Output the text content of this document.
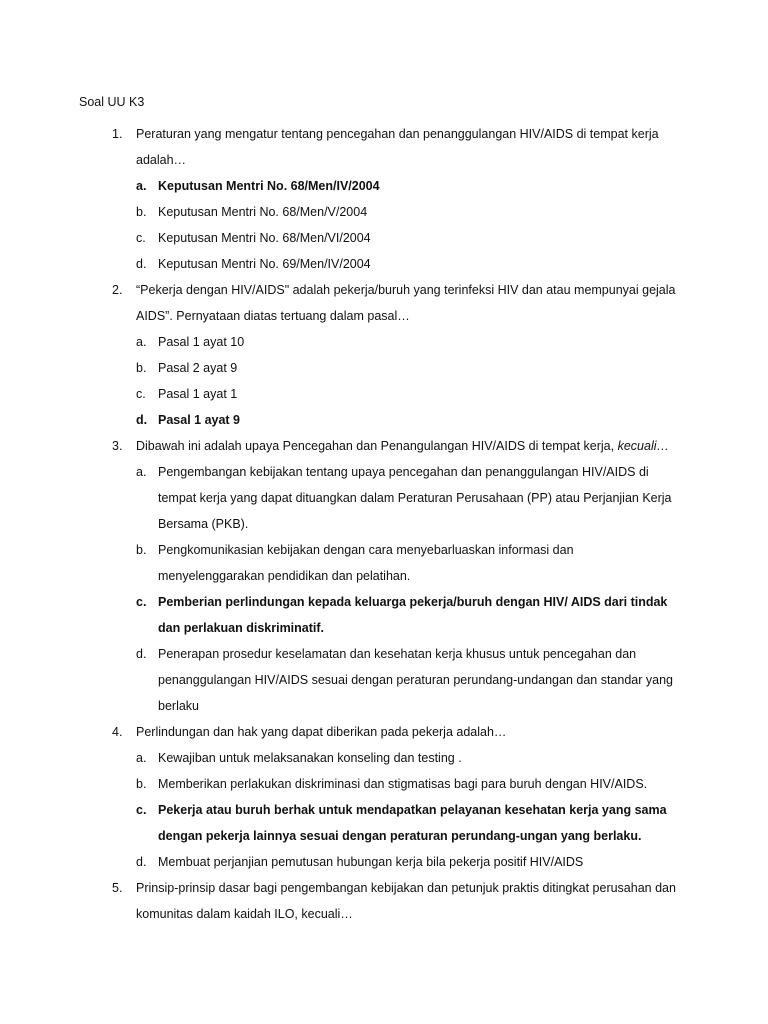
Soal UU K3
1. Peraturan yang mengatur tentang pencegahan dan penanggulangan HIV/AIDS di tempat kerja adalah…
a. Keputusan Mentri No. 68/Men/IV/2004
b. Keputusan Mentri No. 68/Men/V/2004
c. Keputusan Mentri No. 68/Men/VI/2004
d. Keputusan Mentri No. 69/Men/IV/2004
2. “Pekerja dengan HIV/AIDS" adalah pekerja/buruh yang terinfeksi HIV dan atau mempunyai gejala AIDS”. Pernyataan diatas tertuang dalam pasal…
a. Pasal 1 ayat 10
b. Pasal 2 ayat 9
c. Pasal 1 ayat 1
d. Pasal 1 ayat 9
3. Dibawah ini adalah upaya Pencegahan dan Penangulangan HIV/AIDS di tempat kerja, kecuali…
a. Pengembangan kebijakan tentang upaya pencegahan dan penanggulangan HIV/AIDS di tempat kerja yang dapat dituangkan dalam Peraturan Perusahaan (PP) atau Perjanjian Kerja Bersama (PKB).
b. Pengkomunikasian kebijakan dengan cara menyebarluaskan informasi dan menyelenggarakan pendidikan dan pelatihan.
c. Pemberian perlindungan kepada keluarga pekerja/buruh dengan HIV/ AIDS dari tindak dan perlakuan diskriminatif.
d. Penerapan prosedur keselamatan dan kesehatan kerja khusus untuk pencegahan dan penanggulangan HIV/AIDS sesuai dengan peraturan perundang-undangan dan standar yang berlaku
4. Perlindungan dan hak yang dapat diberikan pada pekerja adalah…
a. Kewajiban untuk melaksanakan konseling dan testing .
b. Memberikan perlakukan diskriminasi dan stigmatisas bagi para buruh dengan HIV/AIDS.
c. Pekerja atau buruh berhak untuk mendapatkan pelayanan kesehatan kerja yang sama dengan pekerja lainnya sesuai dengan peraturan perundang-ungan yang berlaku.
d. Membuat perjanjian pemutusan hubungan kerja bila pekerja positif HIV/AIDS
5. Prinsip-prinsip dasar bagi pengembangan kebijakan dan petunjuk praktis ditingkat perusahan dan komunitas dalam kaidah ILO, kecuali…
